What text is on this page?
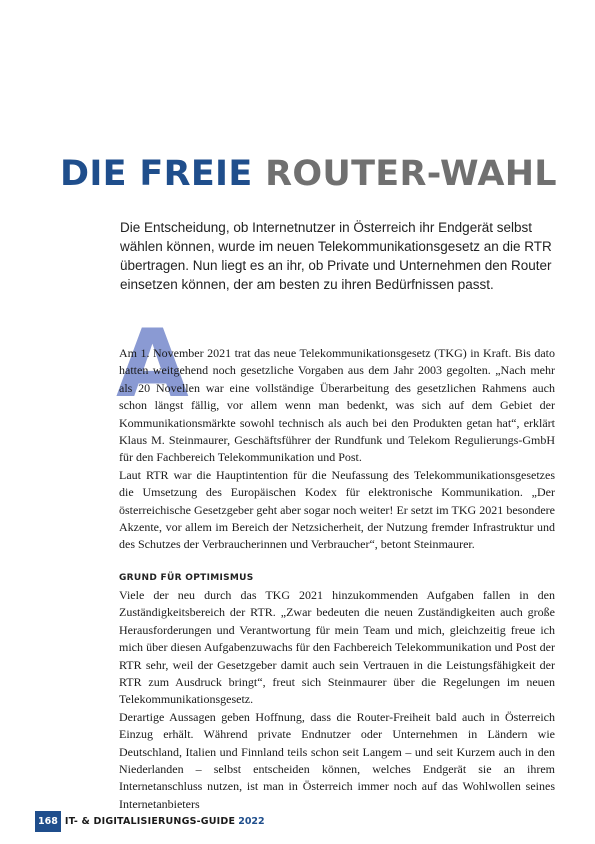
DIE FREIE ROUTER-WAHL

Die Entscheidung, ob Internetnutzer in Österreich ihr Endgerät selbst wählen können, wurde im neuen Telekommunikationsgesetz an die RTR übertragen. Nun liegt es an ihr, ob Private und Unternehmen den Router einsetzen können, der am besten zu ihren Bedürfnissen passt.

A

Am 1. November 2021 trat das neue Telekommunikationsgesetz (TKG) in Kraft. Bis dato hatten weitgehend noch gesetzliche Vorgaben aus dem Jahr 2003 gegolten. „Nach mehr als 20 Novellen war eine vollständige Überarbeitung des gesetzlichen Rahmens auch schon längst fällig, vor allem wenn man bedenkt, was sich auf dem Gebiet der Kommunikationsmärkte sowohl technisch als auch bei den Produkten getan hat“, erklärt Klaus M. Steinmaurer, Geschäftsführer der Rundfunk und Telekom Regulierungs-GmbH für den Fachbereich Telekommunikation und Post.

Laut RTR war die Hauptintention für die Neufassung des Telekommunikationsgesetzes die Umsetzung des Europäischen Kodex für elektronische Kommunikation. „Der österreichische Gesetzgeber geht aber sogar noch weiter! Er setzt im TKG 2021 besondere Akzente, vor allem im Bereich der Netzsicherheit, der Nutzung fremder Infrastruktur und des Schutzes der Verbraucherinnen und Verbraucher“, betont Steinmaurer.

GRUND FÜR OPTIMISMUS

Viele der neu durch das TKG 2021 hinzukommenden Aufgaben fallen in den Zuständigkeitsbereich der RTR. „Zwar bedeuten die neuen Zuständigkeiten auch große Herausforderungen und Verantwortung für mein Team und mich, gleichzeitig freue ich mich über diesen Aufgabenzuwachs für den Fachbereich Telekommunikation und Post der RTR sehr, weil der Gesetzgeber damit auch sein Vertrauen in die Leistungsfähigkeit der RTR zum Ausdruck bringt“, freut sich Steinmaurer über die Regelungen im neuen Telekommunikationsgesetz.

Derartige Aussagen geben Hoffnung, dass die Router-Freiheit bald auch in Österreich Einzug erhält. Während private Endnutzer oder Unternehmen in Ländern wie Deutschland, Italien und Finnland teils schon seit Langem – und seit Kurzem auch in den Niederlanden – selbst entscheiden können, welches Endgerät sie an ihrem Internetanschluss nutzen, ist man in Österreich immer noch auf das Wohlwollen seines Internetanbieters

168 IT- & DIGITALISIERUNGS-GUIDE 2022
